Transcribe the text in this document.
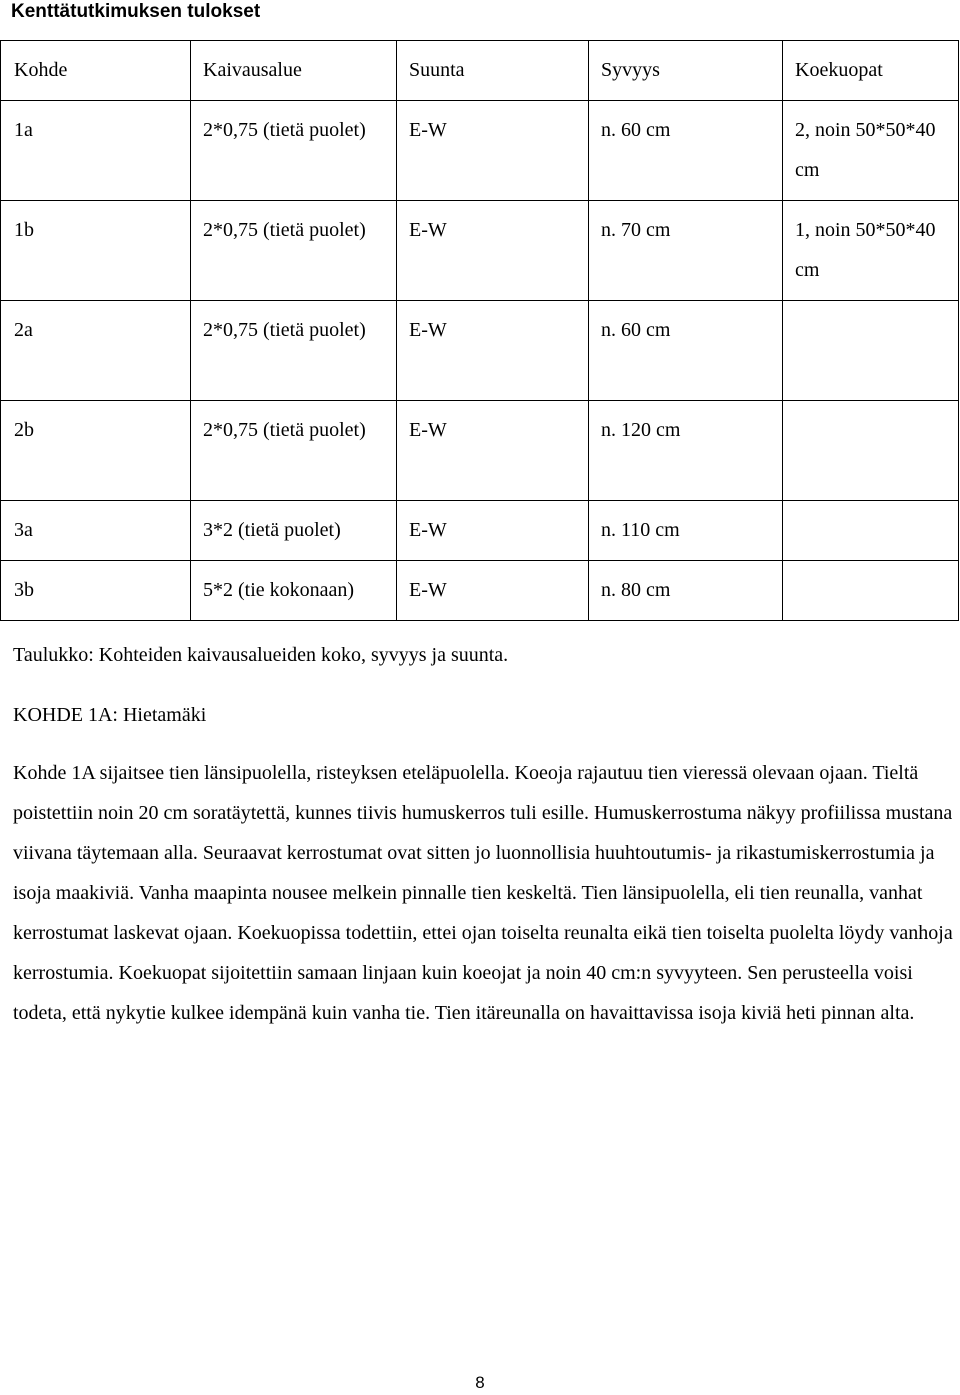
Kenttätutkimuksen tulokset
Kohde	Kaivausalue	Suunta	Syvyys	Koekuopat
1a	2*0,75 (tietä puolet)	E-W	n. 60 cm	2, noin 50*50*40 cm
1b	2*0,75 (tietä puolet)	E-W	n. 70 cm	1, noin 50*50*40 cm
2a	2*0,75 (tietä puolet)	E-W	n. 60 cm	
2b	2*0,75 (tietä puolet)	E-W	n. 120 cm	
3a	3*2 (tietä puolet)	E-W	n. 110 cm	
3b	5*2 (tie kokonaan)	E-W	n. 80 cm	
Taulukko: Kohteiden kaivausalueiden koko, syvyys ja suunta.
KOHDE 1A: Hietamäki

Kohde 1A sijaitsee tien länsipuolella, risteyksen eteläpuolella. Koeoja rajautuu tien vieressä olevaan ojaan. Tieltä poistettiin noin 20 cm soratäytettä, kunnes tiivis humuskerros tuli esille. Humuskerrostuma näkyy profiilissa mustana viivana täytemaan alla. Seuraavat kerrostumat ovat sitten jo luonnollisia huuhtoutumis- ja rikastumiskerrostumia ja isoja maakiviä. Vanha maapinta nousee melkein pinnalle tien keskeltä. Tien länsipuolella, eli tien reunalla, vanhat kerrostumat laskevat ojaan. Koekuopissa todettiin, ettei ojan toiselta reunalta eikä tien toiselta puolelta löydy vanhoja kerrostumia. Koekuopat sijoitettiin samaan linjaan kuin koeojat ja noin 40 cm:n syvyyteen. Sen perusteella voisi todeta, että nykytie kulkee idempänä kuin vanha tie. Tien itäreunalla on havaittavissa isoja kiviä heti pinnan alta.

8
